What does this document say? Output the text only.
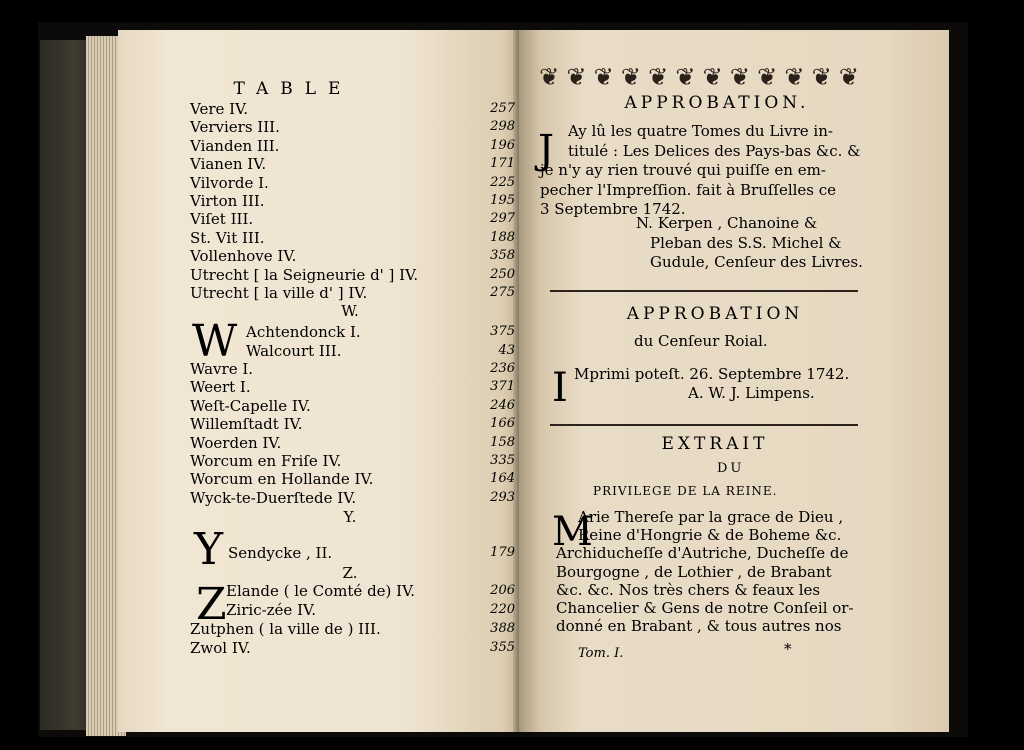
TABLE
Vere IV.	257
Verviers III.	298
Vianden III.	196
Vianen IV.	171
Vilvorde I.	225
Virton III.	195
Viſet III.	297
St. Vit III.	188
Vollenhove IV.	358
Utrecht [ la Seigneurie d' ] IV.	250
Utrecht [ la ville d' ] IV.	275
W.
W Achtendonck I.	375
Walcourt III.	43
Wavre I.	236
Weert I.	371
Weſt-Capelle IV.	246
Willemſtadt IV.	166
Woerden IV.	158
Worcum en Friſe IV.	335
Worcum en Hollande IV.	164
Wyck-te-Duerſtede IV.	293
Y.
Y Sendycke , II.	179
Z.
Z Elande ( le Comté de) IV.	206
Ziric-zée IV.	220
Zutphen ( la ville de ) III.	388
Zwol IV.	355
❦ ❦ ❦ ❦ ❦ ❦ ❦ ❦ ❦ ❦ ❦ ❦
APPROBATION.
J Ay lû les quatre Tomes du Livre in-
titulé : Les Delices des Pays-bas &c. &
je n'y ay rien trouvé qui puiſſe en em-
pecher l'Impreſſion. fait à Bruſſelles ce
3 Septembre 1742.
N. Kerpen , Chanoine &
Pleban des S.S. Michel &
Gudule, Cenſeur des Livres.
APPROBATION
du Cenſeur Roial.
I Mprimi poteſt. 26. Septembre 1742.
A. W. J. Limpens.
EXTRAIT
DU
PRIVILEGE DE LA REINE.
M
Arie Thereſe par la grace de Dieu ,
Reine d'Hongrie & de Boheme &c.
Archiducheſſe d'Autriche, Ducheſſe de
Bourgogne , de Lothier , de Brabant
&c. &c. Nos très chers & feaux les
Chancelier & Gens de notre Conſeil or-
donné en Brabant , & tous autres nos
Tom. I.	*
